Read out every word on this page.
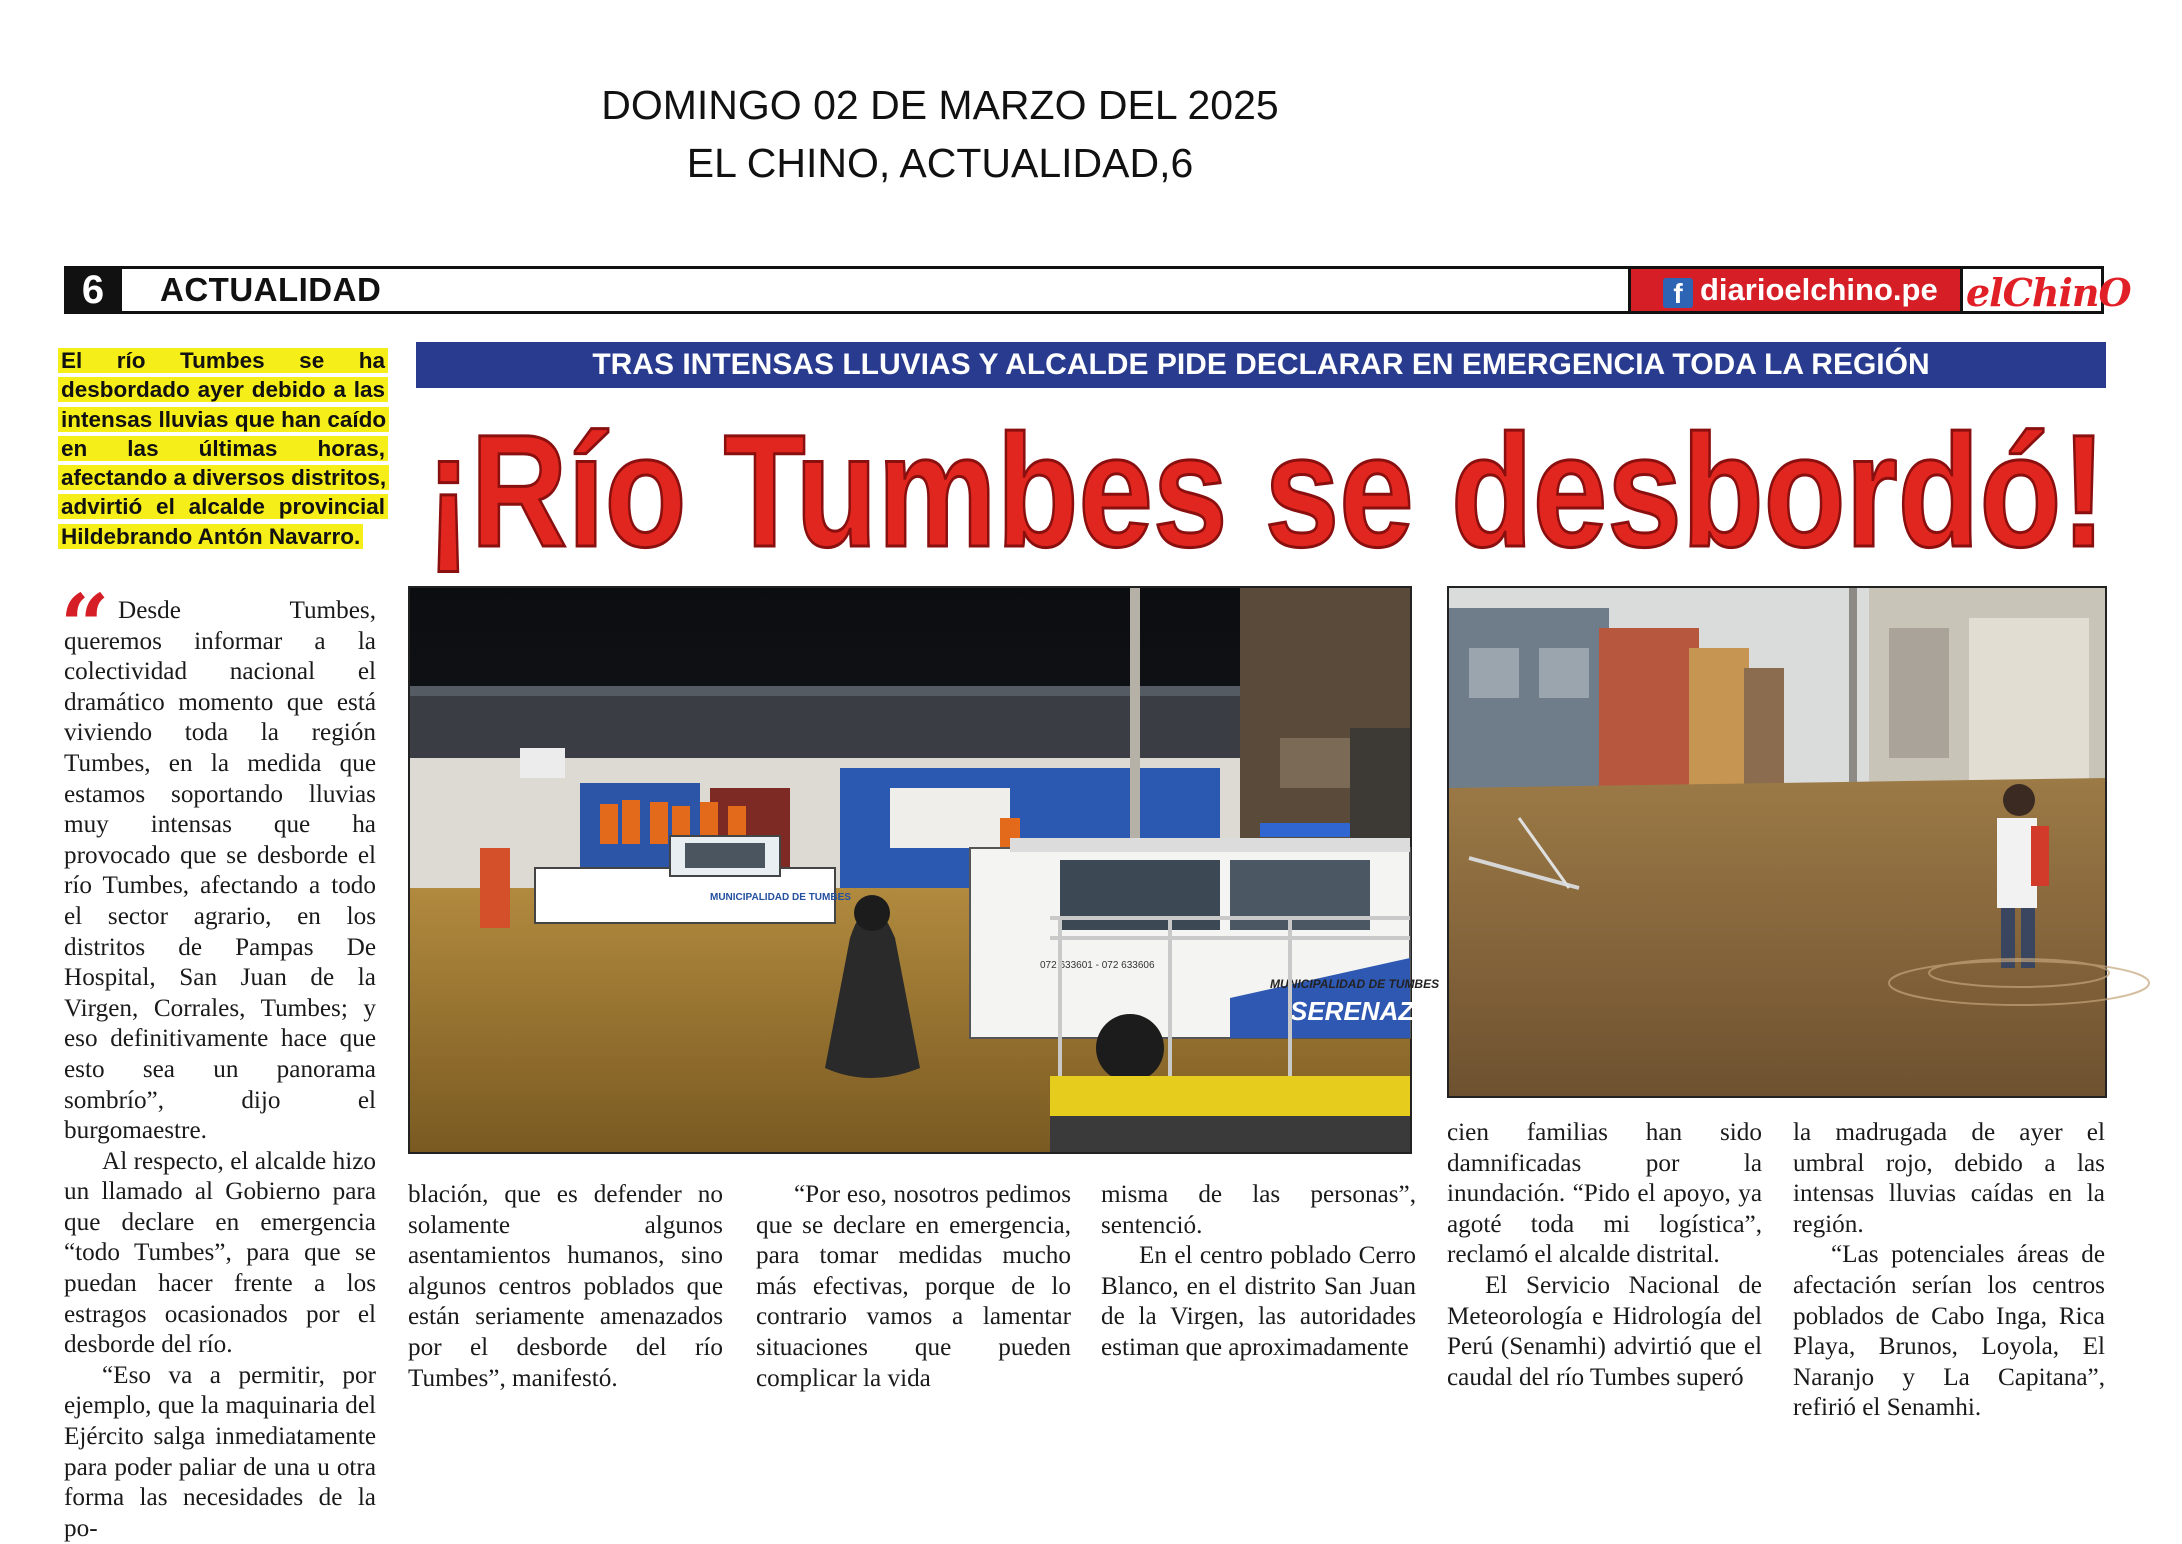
DOMINGO 02 DE MARZO DEL 2025
EL CHINO, ACTUALIDAD,6
6	ACTUALIDAD	f diarioelchino.pe elChinO
El río Tumbes se ha desbordado ayer debido a las intensas lluvias que han caído en las últimas horas, afectando a diversos distritos, advirtió el alcalde provincial Hildebrando Antón Navarro.
TRAS INTENSAS LLUVIAS Y ALCALDE PIDE DECLARAR EN EMERGENCIA TODA LA REGIÓN
¡Río Tumbes se desbordó!
MUNICIPALIDAD DE TUMBES
SERENAZ
072 633601 - 072 633606
MUNICIPALIDAD DE TUMBES
“ Desde Tumbes, queremos informar a la colectividad nacional el dramático momento que está viviendo toda la región Tumbes, en la medida que estamos soportando lluvias muy intensas que ha provocado que se desborde el río Tumbes, afectando a todo el sector agrario, en los distritos de Pampas De Hospital, San Juan de la Virgen, Corrales, Tumbes; y eso definitivamente hace que esto sea un panorama sombrío”, dijo el burgomaestre.

Al respecto, el alcalde hizo un llamado al Gobierno para que declare en emergencia “todo Tumbes”, para que se puedan hacer frente a los estragos ocasionados por el desborde del río.

“Eso va a permitir, por ejemplo, que la maquinaria del Ejército salga inmediatamente para poder paliar de una u otra forma las necesidades de la po-

blación, que es defender no solamente algunos asentamientos humanos, sino algunos centros poblados que están seriamente amenazados por el desborde del río Tumbes”, manifestó.

“Por eso, nosotros pedimos que se declare en emergencia, para tomar medidas mucho más efectivas, porque de lo contrario vamos a lamentar situaciones que pueden complicar la vida

misma de las personas”, sentenció.

En el centro poblado Cerro Blanco, en el distrito San Juan de la Virgen, las autoridades estiman que aproximadamente

cien familias han sido damnificadas por la inundación. “Pido el apoyo, ya agoté toda mi logística”, reclamó el alcalde distrital.

El Servicio Nacional de Meteorología e Hidrología del Perú (Senamhi) advirtió que el caudal del río Tumbes superó

la madrugada de ayer el umbral rojo, debido a las intensas lluvias caídas en la región.

“Las potenciales áreas de afectación serían los centros poblados de Cabo Inga, Rica Playa, Brunos, Loyola, El Naranjo y La Capitana”, refirió el Senamhi.
